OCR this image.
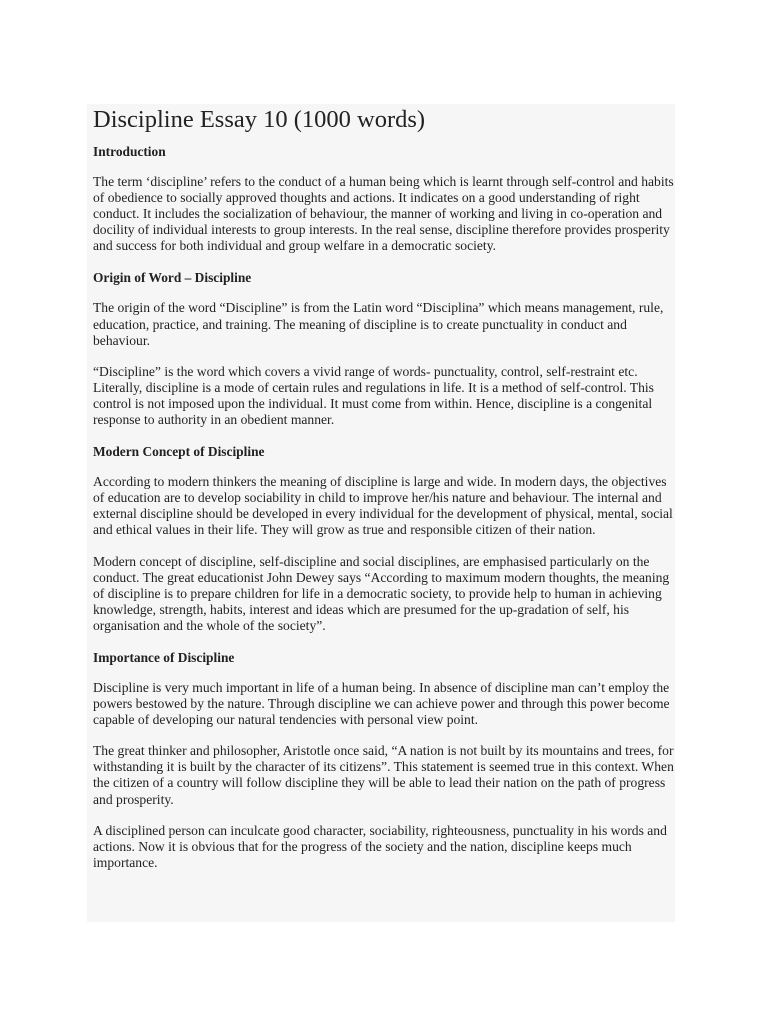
Discipline Essay 10 (1000 words)
Introduction

The term ‘discipline’ refers to the conduct of a human being which is learnt through self-control and habits of obedience to socially approved thoughts and actions. It indicates on a good understanding of right conduct. It includes the socialization of behaviour, the manner of working and living in co-operation and docility of individual interests to group interests. In the real sense, discipline therefore provides prosperity and success for both individual and group welfare in a democratic society.

Origin of Word – Discipline

The origin of the word “Discipline” is from the Latin word “Disciplina” which means management, rule, education, practice, and training. The meaning of discipline is to create punctuality in conduct and behaviour.

“Discipline” is the word which covers a vivid range of words- punctuality, control, self-restraint etc. Literally, discipline is a mode of certain rules and regulations in life. It is a method of self-control. This control is not imposed upon the individual. It must come from within. Hence, discipline is a congenital response to authority in an obedient manner.

Modern Concept of Discipline

According to modern thinkers the meaning of discipline is large and wide. In modern days, the objectives of education are to develop sociability in child to improve her/his nature and behaviour. The internal and external discipline should be developed in every individual for the development of physical, mental, social and ethical values in their life. They will grow as true and responsible citizen of their nation.

Modern concept of discipline, self-discipline and social disciplines, are emphasised particularly on the conduct. The great educationist John Dewey says “According to maximum modern thoughts, the meaning of discipline is to prepare children for life in a democratic society, to provide help to human in achieving knowledge, strength, habits, interest and ideas which are presumed for the up-gradation of self, his organisation and the whole of the society”.

Importance of Discipline

Discipline is very much important in life of a human being. In absence of discipline man can’t employ the powers bestowed by the nature. Through discipline we can achieve power and through this power become capable of developing our natural tendencies with personal view point.

The great thinker and philosopher, Aristotle once said, “A nation is not built by its mountains and trees, for withstanding it is built by the character of its citizens”. This statement is seemed true in this context. When the citizen of a country will follow discipline they will be able to lead their nation on the path of progress and prosperity.

A disciplined person can inculcate good character, sociability, righteousness, punctuality in his words and actions. Now it is obvious that for the progress of the society and the nation, discipline keeps much importance.
